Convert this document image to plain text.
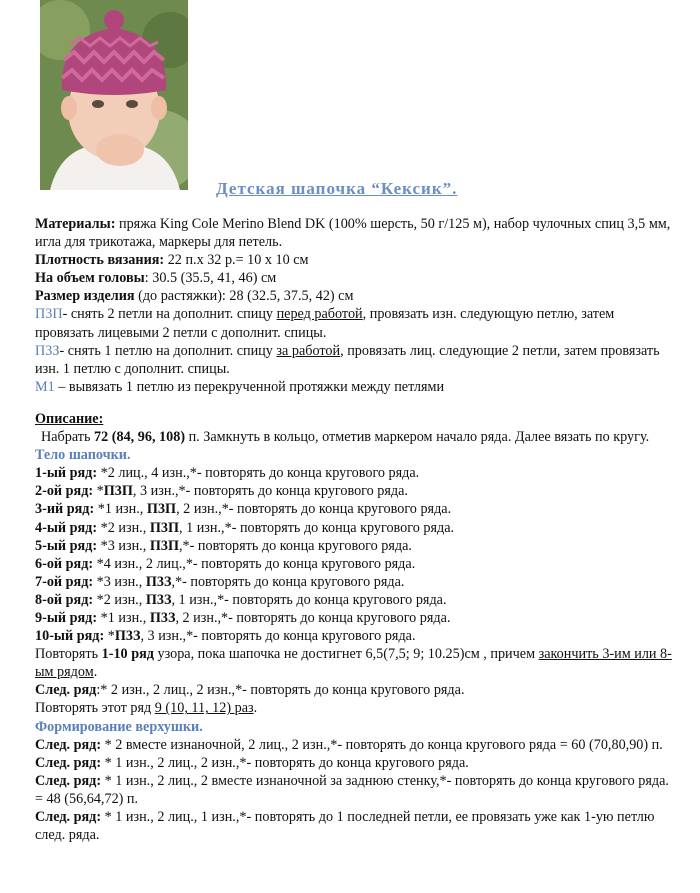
Детская шапочка “Кексик”.

Материалы: пряжа King Cole Merino Blend DK (100% шерсть, 50 г/125 м), набор чулочных спиц 3,5 мм, игла для трикотажа, маркеры для петель.

Плотность вязания: 22 п.х 32 р.= 10 х 10 см

На объем головы: 30.5 (35.5, 41, 46) см

Размер изделия (до растяжки): 28 (32.5, 37.5, 42) см

П3П- снять 2 петли на дополнит. спицу перед работой, провязать изн. следующую петлю, затем провязать лицевыми 2 петли с дополнит. спицы.

П3З- снять 1 петлю на дополнит. спицу за работой, провязать лиц. следующие 2 петли, затем провязать изн. 1 петлю с дополнит. спицы.

М1 – вывязать 1 петлю из перекрученной протяжки между петлями

Описание:

Набрать 72 (84, 96, 108) п. Замкнуть в кольцо, отметив маркером начало ряда. Далее вязать по кругу.

Тело шапочки.

1-ый ряд: *2 лиц., 4 изн.,*- повторять до конца кругового ряда.

2-ой ряд: *П3П, 3 изн.,*- повторять до конца кругового ряда.

3-ий ряд: *1 изн., П3П, 2 изн.,*- повторять до конца кругового ряда.

4-ый ряд: *2 изн., П3П, 1 изн.,*- повторять до конца кругового ряда.

5-ый ряд: *3 изн., П3П,*- повторять до конца кругового ряда.

6-ой ряд: *4 изн., 2 лиц.,*- повторять до конца кругового ряда.

7-ой ряд: *3 изн., П3З,*- повторять до конца кругового ряда.

8-ой ряд: *2 изн., П3З, 1 изн.,*- повторять до конца кругового ряда.

9-ый ряд: *1 изн., П3З, 2 изн.,*- повторять до конца кругового ряда.

10-ый ряд: *П3З, 3 изн.,*- повторять до конца кругового ряда.

Повторять 1-10 ряд узора, пока шапочка не достигнет 6,5(7,5; 9; 10.25)см , причем закончить 3-им или 8-ым рядом.

След. ряд:* 2 изн., 2 лиц., 2 изн.,*- повторять до конца кругового ряда.

Повторять этот ряд 9 (10, 11, 12) раз.

Формирование верхушки.

След. ряд: * 2 вместе изнаночной, 2 лиц., 2 изн.,*- повторять до конца кругового ряда = 60 (70,80,90) п.

След. ряд: * 1 изн., 2 лиц., 2 изн.,*- повторять до конца кругового ряда.

След. ряд: * 1 изн., 2 лиц., 2 вместе изнаночной за заднюю стенку,*- повторять до конца кругового ряда. = 48 (56,64,72) п.

След. ряд: * 1 изн., 2 лиц., 1 изн.,*- повторять до 1 последней петли, ее провязать уже как 1-ую петлю след. ряда.
